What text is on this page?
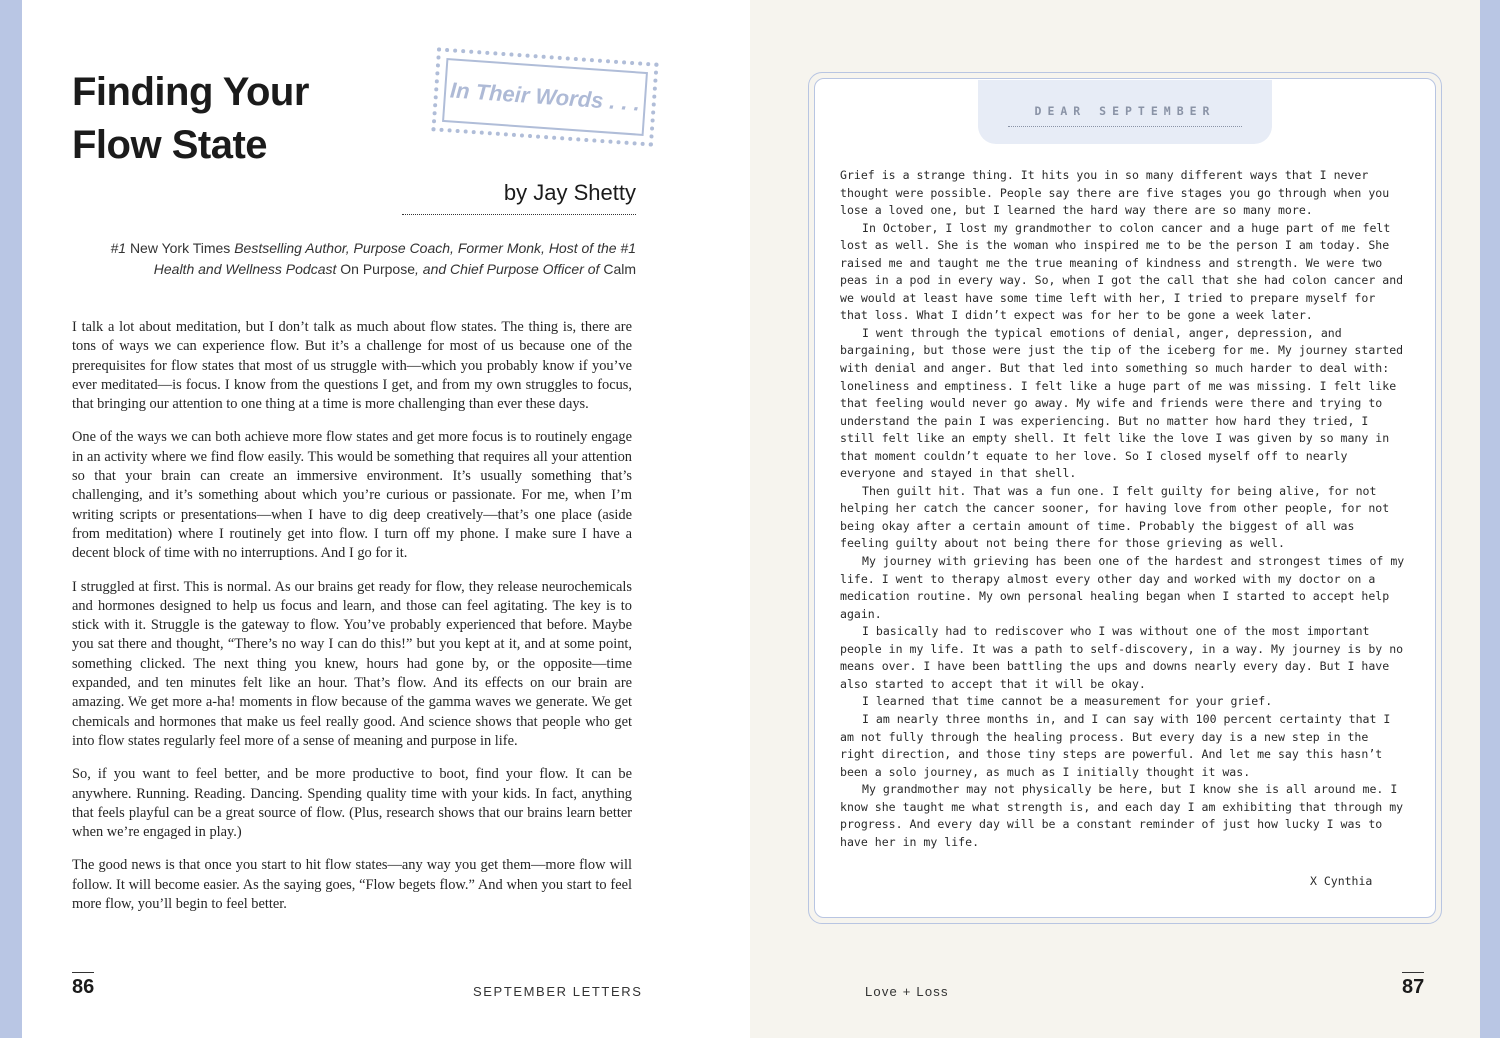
Finding Your
Flow State
In Their Words . . .
by Jay Shetty
#1 New York Times Bestselling Author, Purpose Coach, Former Monk, Host of the #1 Health and Wellness Podcast On Purpose, and Chief Purpose Officer of Calm

I talk a lot about meditation, but I don’t talk as much about flow states. The thing is, there are tons of ways we can experience flow. But it’s a challenge for most of us because one of the prerequisites for flow states that most of us struggle with—which you probably know if you’ve ever meditated—is focus. I know from the questions I get, and from my own struggles to focus, that bringing our attention to one thing at a time is more challenging than ever these days.

One of the ways we can both achieve more flow states and get more focus is to routinely engage in an activity where we find flow easily. This would be something that requires all your attention so that your brain can create an immersive environment. It’s usually something that’s challenging, and it’s something about which you’re curious or passionate. For me, when I’m writing scripts or presentations—when I have to dig deep creatively—that’s one place (aside from meditation) where I routinely get into flow. I turn off my phone. I make sure I have a decent block of time with no interruptions. And I go for it.

I struggled at first. This is normal. As our brains get ready for flow, they release neurochemicals and hormones designed to help us focus and learn, and those can feel agitating. The key is to stick with it. Struggle is the gateway to flow. You’ve probably experienced that before. Maybe you sat there and thought, “There’s no way I can do this!” but you kept at it, and at some point, something clicked. The next thing you knew, hours had gone by, or the opposite—time expanded, and ten minutes felt like an hour. That’s flow. And its effects on our brain are amazing. We get more a-ha! moments in flow because of the gamma waves we generate. We get chemicals and hormones that make us feel really good. And science shows that people who get into flow states regularly feel more of a sense of meaning and purpose in life.

So, if you want to feel better, and be more productive to boot, find your flow. It can be anywhere. Running. Reading. Dancing. Spending quality time with your kids. In fact, anything that feels playful can be a great source of flow. (Plus, research shows that our brains learn better when we’re engaged in play.)

The good news is that once you start to hit flow states—any way you get them—more flow will follow. It will become easier. As the saying goes, “Flow begets flow.” And when you start to feel more flow, you’ll begin to feel better.

86	SEPTEMBER LETTERS
DEAR SEPTEMBER

Grief is a strange thing. It hits you in so many different ways that I never thought were possible. People say there are five stages you go through when you lose a loved one, but I learned the hard way there are so many more.

In October, I lost my grandmother to colon cancer and a huge part of me felt lost as well. She is the woman who inspired me to be the person I am today. She raised me and taught me the true meaning of kindness and strength. We were two peas in a pod in every way. So, when I got the call that she had colon cancer and we would at least have some time left with her, I tried to prepare myself for that loss. What I didn’t expect was for her to be gone a week later.

I went through the typical emotions of denial, anger, depression, and bargaining, but those were just the tip of the iceberg for me. My journey started with denial and anger. But that led into something so much harder to deal with: loneliness and emptiness. I felt like a huge part of me was missing. I felt like that feeling would never go away. My wife and friends were there and trying to understand the pain I was experiencing. But no matter how hard they tried, I still felt like an empty shell. It felt like the love I was given by so many in that moment couldn’t equate to her love. So I closed myself off to nearly everyone and stayed in that shell.

Then guilt hit. That was a fun one. I felt guilty for being alive, for not helping her catch the cancer sooner, for having love from other people, for not being okay after a certain amount of time. Probably the biggest of all was feeling guilty about not being there for those grieving as well.

My journey with grieving has been one of the hardest and strongest times of my life. I went to therapy almost every other day and worked with my doctor on a medication routine. My own personal healing began when I started to accept help again.

I basically had to rediscover who I was without one of the most important people in my life. It was a path to self-discovery, in a way. My journey is by no means over. I have been battling the ups and downs nearly every day. But I have also started to accept that it will be okay.

I learned that time cannot be a measurement for your grief.

I am nearly three months in, and I can say with 100 percent certainty that I am not fully through the healing process. But every day is a new step in the right direction, and those tiny steps are powerful. And let me say this hasn’t been a solo journey, as much as I initially thought it was.

My grandmother may not physically be here, but I know she is all around me. I know she taught me what strength is, and each day I am exhibiting that through my progress. And every day will be a constant reminder of just how lucky I was to have her in my life.

X Cynthia
Love + Loss	87
